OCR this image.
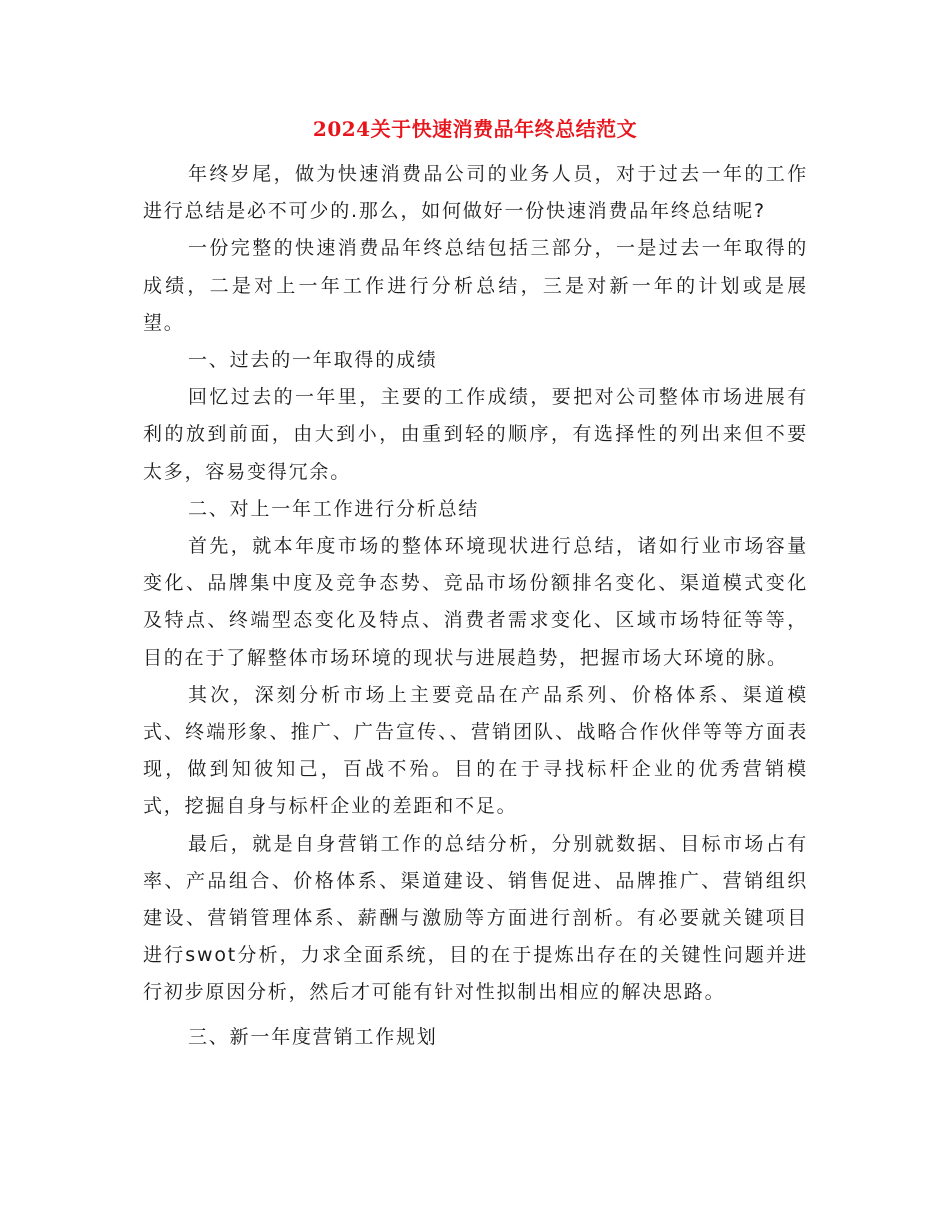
2024关于快速消费品年终总结范文

年终岁尾，做为快速消费品公司的业务人员，对于过去一年的工作进行总结是必不可少的.那么，如何做好一份快速消费品年终总结呢?

一份完整的快速消费品年终总结包括三部分，一是过去一年取得的成绩，二是对上一年工作进行分析总结，三是对新一年的计划或是展望。

一、过去的一年取得的成绩

回忆过去的一年里，主要的工作成绩，要把对公司整体市场进展有利的放到前面，由大到小，由重到轻的顺序，有选择性的列出来但不要太多，容易变得冗余。

二、对上一年工作进行分析总结

首先，就本年度市场的整体环境现状进行总结，诸如行业市场容量变化、品牌集中度及竞争态势、竞品市场份额排名变化、渠道模式变化及特点、终端型态变化及特点、消费者需求变化、区域市场特征等等，目的在于了解整体市场环境的现状与进展趋势，把握市场大环境的脉。

其次，深刻分析市场上主要竞品在产品系列、价格体系、渠道模式、终端形象、推广、广告宣传、、营销团队、战略合作伙伴等等方面表现，做到知彼知己，百战不殆。目的在于寻找标杆企业的优秀营销模式，挖掘自身与标杆企业的差距和不足。

最后，就是自身营销工作的总结分析，分别就数据、目标市场占有率、产品组合、价格体系、渠道建设、销售促进、品牌推广、营销组织建设、营销管理体系、薪酬与激励等方面进行剖析。有必要就关键项目进行swot分析，力求全面系统，目的在于提炼出存在的关键性问题并进行初步原因分析，然后才可能有针对性拟制出相应的解决思路。

三、新一年度营销工作规划
